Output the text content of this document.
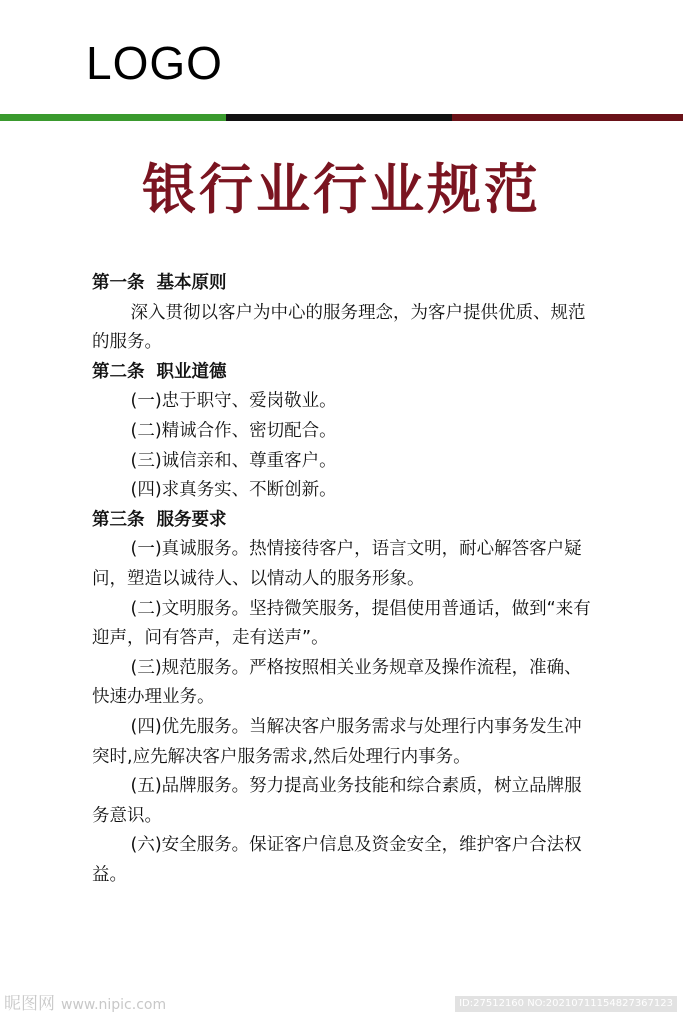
LOGO
银行业行业规范
第一条 基本原则
深入贯彻以客户为中心的服务理念，为客户提供优质、规范的服务。
第二条 职业道德
(一)忠于职守、爱岗敬业。
(二)精诚合作、密切配合。
(三)诚信亲和、尊重客户。
(四)求真务实、不断创新。
第三条 服务要求
(一)真诚服务。热情接待客户，语言文明，耐心解答客户疑问，塑造以诚待人、以情动人的服务形象。
(二)文明服务。坚持微笑服务，提倡使用普通话，做到“来有迎声，问有答声，走有送声”。
(三)规范服务。严格按照相关业务规章及操作流程，准确、快速办理业务。
(四)优先服务。当解决客户服务需求与处理行内事务发生冲突时,应先解决客户服务需求,然后处理行内事务。
(五)品牌服务。努力提高业务技能和综合素质，树立品牌服务意识。
(六)安全服务。保证客户信息及资金安全，维护客户合法权益。
昵图网 www.nipic.com	ID:27512160 NO:20210711154827367123
